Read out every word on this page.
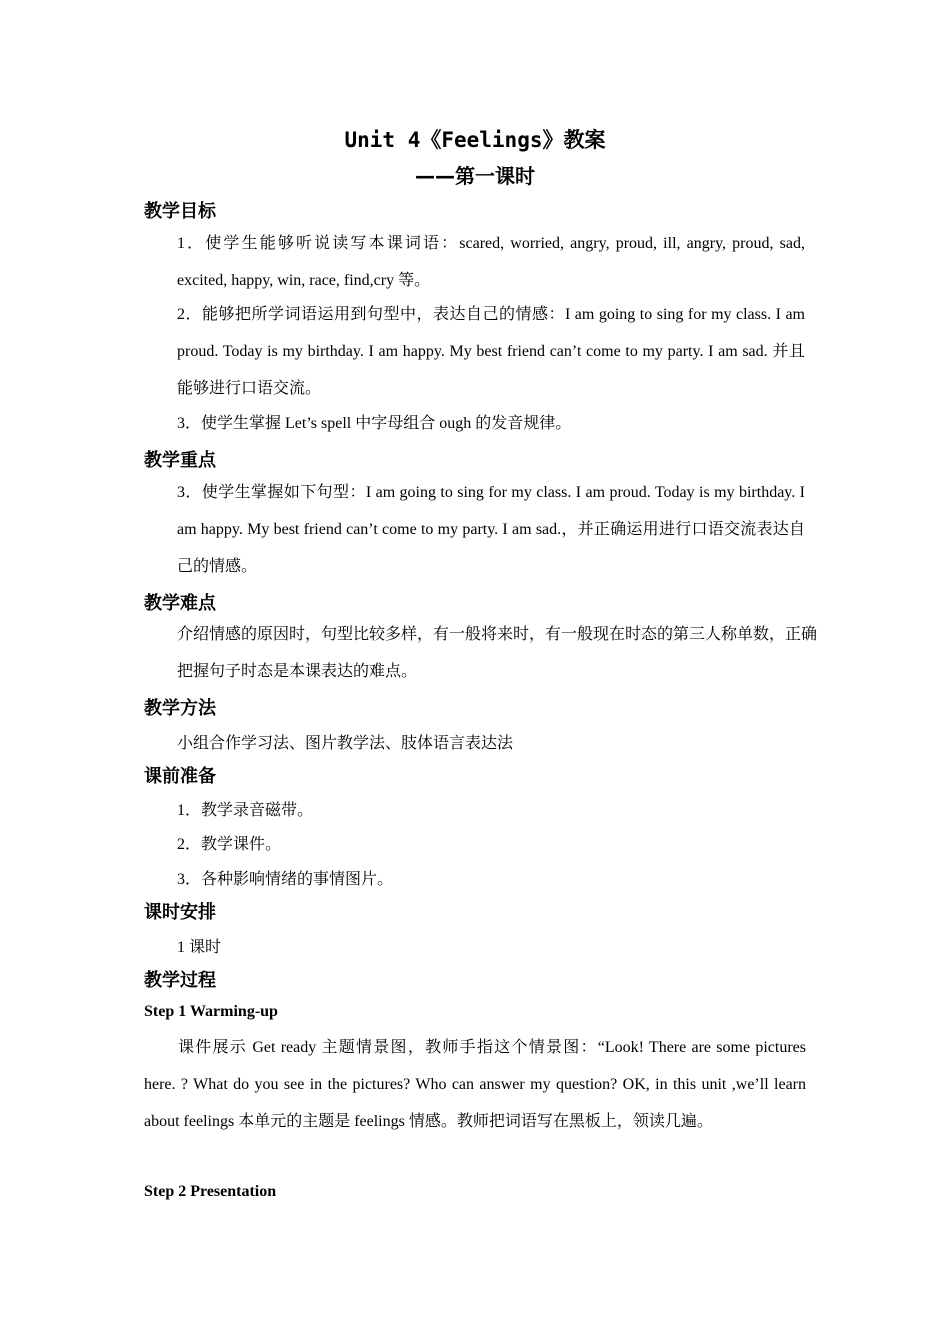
Unit 4《Feelings》教案
——第一课时
教学目标
1．使学生能够听说读写本课词语：scared, worried, angry, proud, ill, angry, proud, sad, excited, happy, win, race, find,cry 等。
2．能够把所学词语运用到句型中，表达自己的情感：I am going to sing for my class. I am proud. Today is my birthday. I am happy. My best friend can’t come to my party. I am sad. 并且能够进行口语交流。
3．使学生掌握 Let’s spell 中字母组合 ough 的发音规律。
教学重点
3．使学生掌握如下句型：I am going to sing for my class. I am proud. Today is my birthday. I am happy. My best friend can’t come to my party. I am sad.，并正确运用进行口语交流表达自己的情感。
教学难点
介绍情感的原因时，句型比较多样，有一般将来时，有一般现在时态的第三人称单数，正确把握句子时态是本课表达的难点。
教学方法
小组合作学习法、图片教学法、肢体语言表达法
课前准备
1．教学录音磁带。
2．教学课件。
3．各种影响情绪的事情图片。
课时安排
1 课时
教学过程
Step 1 Warming-up
课件展示 Get ready 主题情景图，教师手指这个情景图：“Look! There are some pictures here. ? What do you see in the pictures? Who can answer my question? OK, in this unit ,we’ll learn about feelings 本单元的主题是 feelings 情感。教师把词语写在黑板上，领读几遍。
Step 2 Presentation
